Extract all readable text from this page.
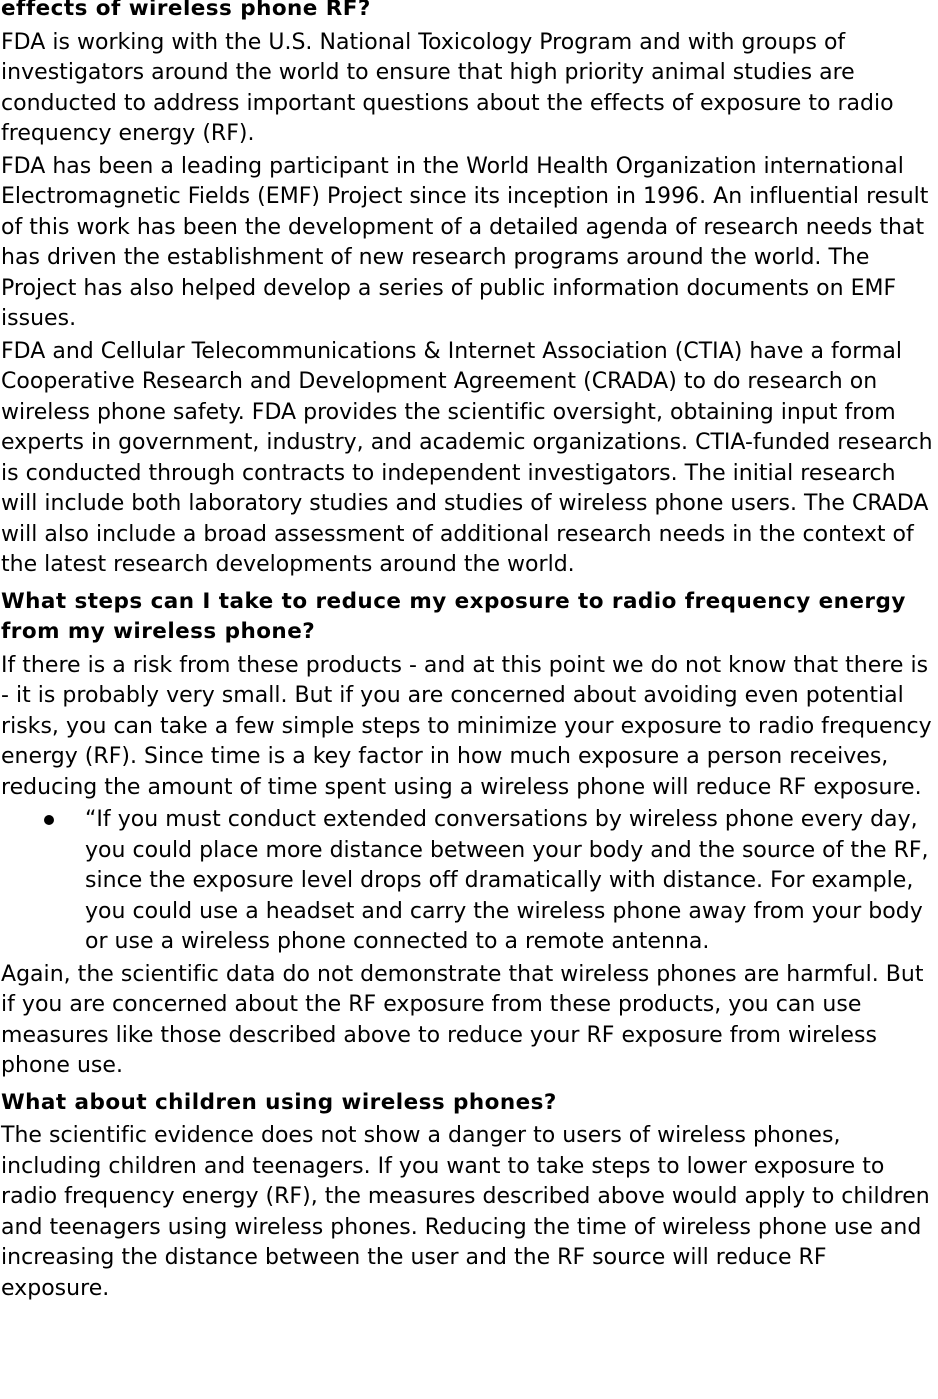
effects of wireless phone RF?

FDA is working with the U.S. National Toxicology Program and with groups of investigators around the world to ensure that high priority animal studies are conducted to address important questions about the effects of exposure to radio frequency energy (RF).

FDA has been a leading participant in the World Health Organization international Electromagnetic Fields (EMF) Project since its inception in 1996. An influential result of this work has been the development of a detailed agenda of research needs that has driven the establishment of new research programs around the world. The Project has also helped develop a series of public information documents on EMF issues.

FDA and Cellular Telecommunications & Internet Association (CTIA) have a formal Cooperative Research and Development Agreement (CRADA) to do research on wireless phone safety. FDA provides the scientific oversight, obtaining input from experts in government, industry, and academic organizations. CTIA-funded research is conducted through contracts to independent investigators. The initial research will include both laboratory studies and studies of wireless phone users. The CRADA will also include a broad assessment of additional research needs in the context of the latest research developments around the world.

What steps can I take to reduce my exposure to radio frequency energy from my wireless phone?

If there is a risk from these products - and at this point we do not know that there is - it is probably very small. But if you are concerned about avoiding even potential risks, you can take a few simple steps to minimize your exposure to radio frequency energy (RF). Since time is a key factor in how much exposure a person receives, reducing the amount of time spent using a wireless phone will reduce RF exposure.

“If you must conduct extended conversations by wireless phone every day, you could place more distance between your body and the source of the RF, since the exposure level drops off dramatically with distance. For example, you could use a headset and carry the wireless phone away from your body or use a wireless phone connected to a remote antenna.

Again, the scientific data do not demonstrate that wireless phones are harmful. But if you are concerned about the RF exposure from these products, you can use measures like those described above to reduce your RF exposure from wireless phone use.

What about children using wireless phones?

The scientific evidence does not show a danger to users of wireless phones, including children and teenagers. If you want to take steps to lower exposure to radio frequency energy (RF), the measures described above would apply to children and teenagers using wireless phones. Reducing the time of wireless phone use and increasing the distance between the user and the RF source will reduce RF exposure.
